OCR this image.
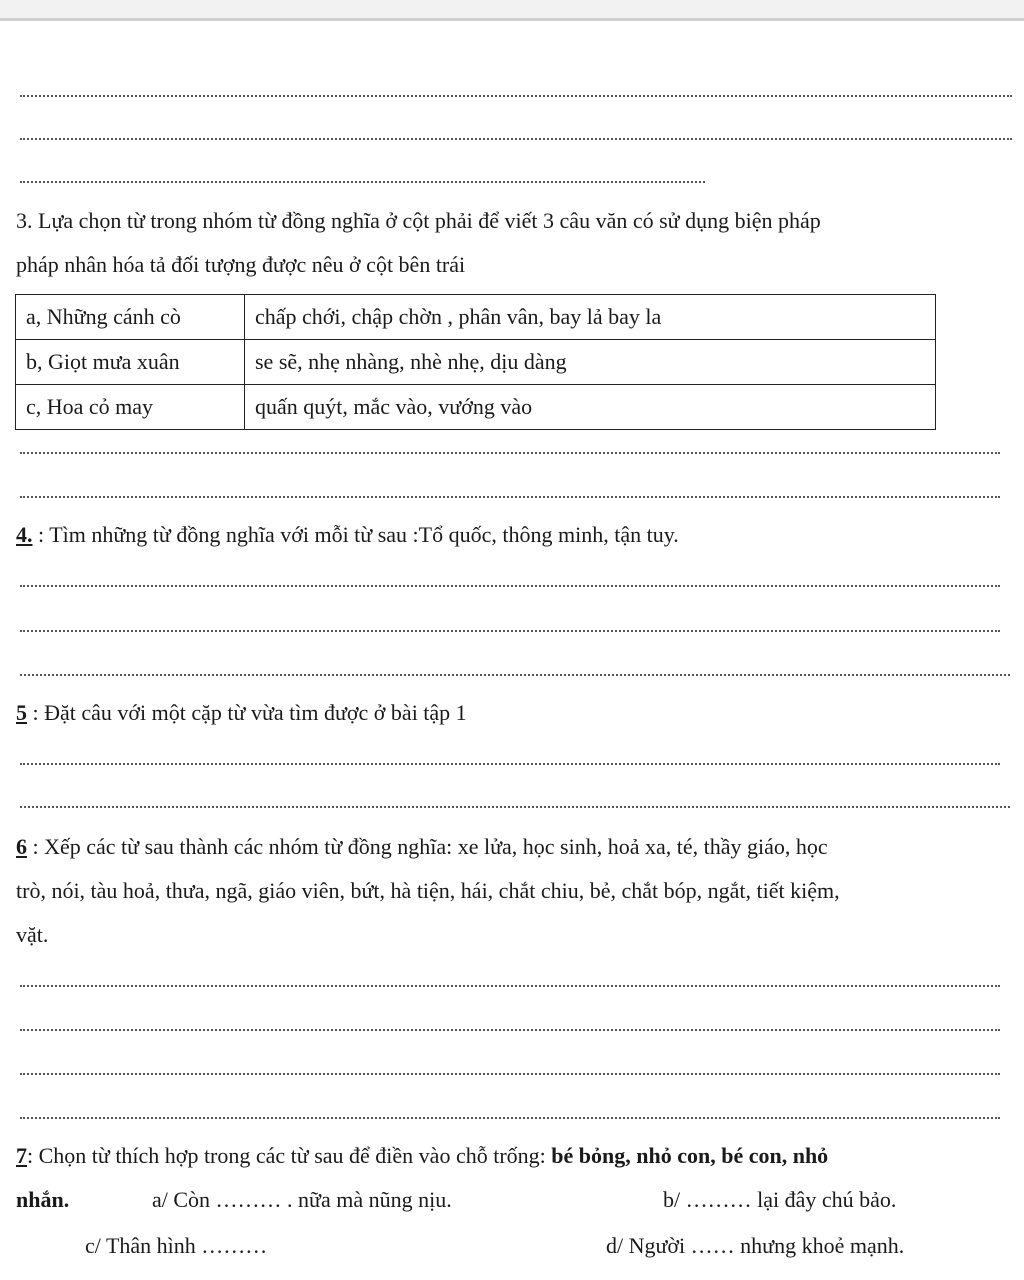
3. Lựa chọn từ trong nhóm từ đồng nghĩa ở cột phải để viết 3 câu văn có sử dụng biện pháp
pháp nhân hóa tả đối tượng được nêu ở cột bên trái
a, Những cánh cò	chấp chới, chập chờn , phân vân, bay lả bay la
b, Giọt mưa xuân	se sẽ, nhẹ nhàng, nhè nhẹ, dịu dàng
c, Hoa cỏ may	quấn quýt, mắc vào, vướng vào
4. : Tìm những từ đồng nghĩa với mỗi từ sau :Tổ quốc, thông minh, tận tuy.
5 : Đặt câu với một cặp từ vừa tìm được ở bài tập 1
6 : Xếp các từ sau thành các nhóm từ đồng nghĩa: xe lửa, học sinh, hoả xa, té, thầy giáo, học
trò, nói, tàu hoả, thưa, ngã, giáo viên, bứt, hà tiện, hái, chắt chiu, bẻ, chắt bóp, ngắt, tiết kiệm,
vặt.
7: Chọn từ thích hợp trong các từ sau để điền vào chỗ trống: bé bỏng, nhỏ con, bé con, nhỏ
nhắn.	a/ Còn ……… . nữa mà nũng nịu.	b/ ……… lại đây chú bảo.
c/ Thân hình ………	d/ Người …… nhưng khoẻ mạnh.
